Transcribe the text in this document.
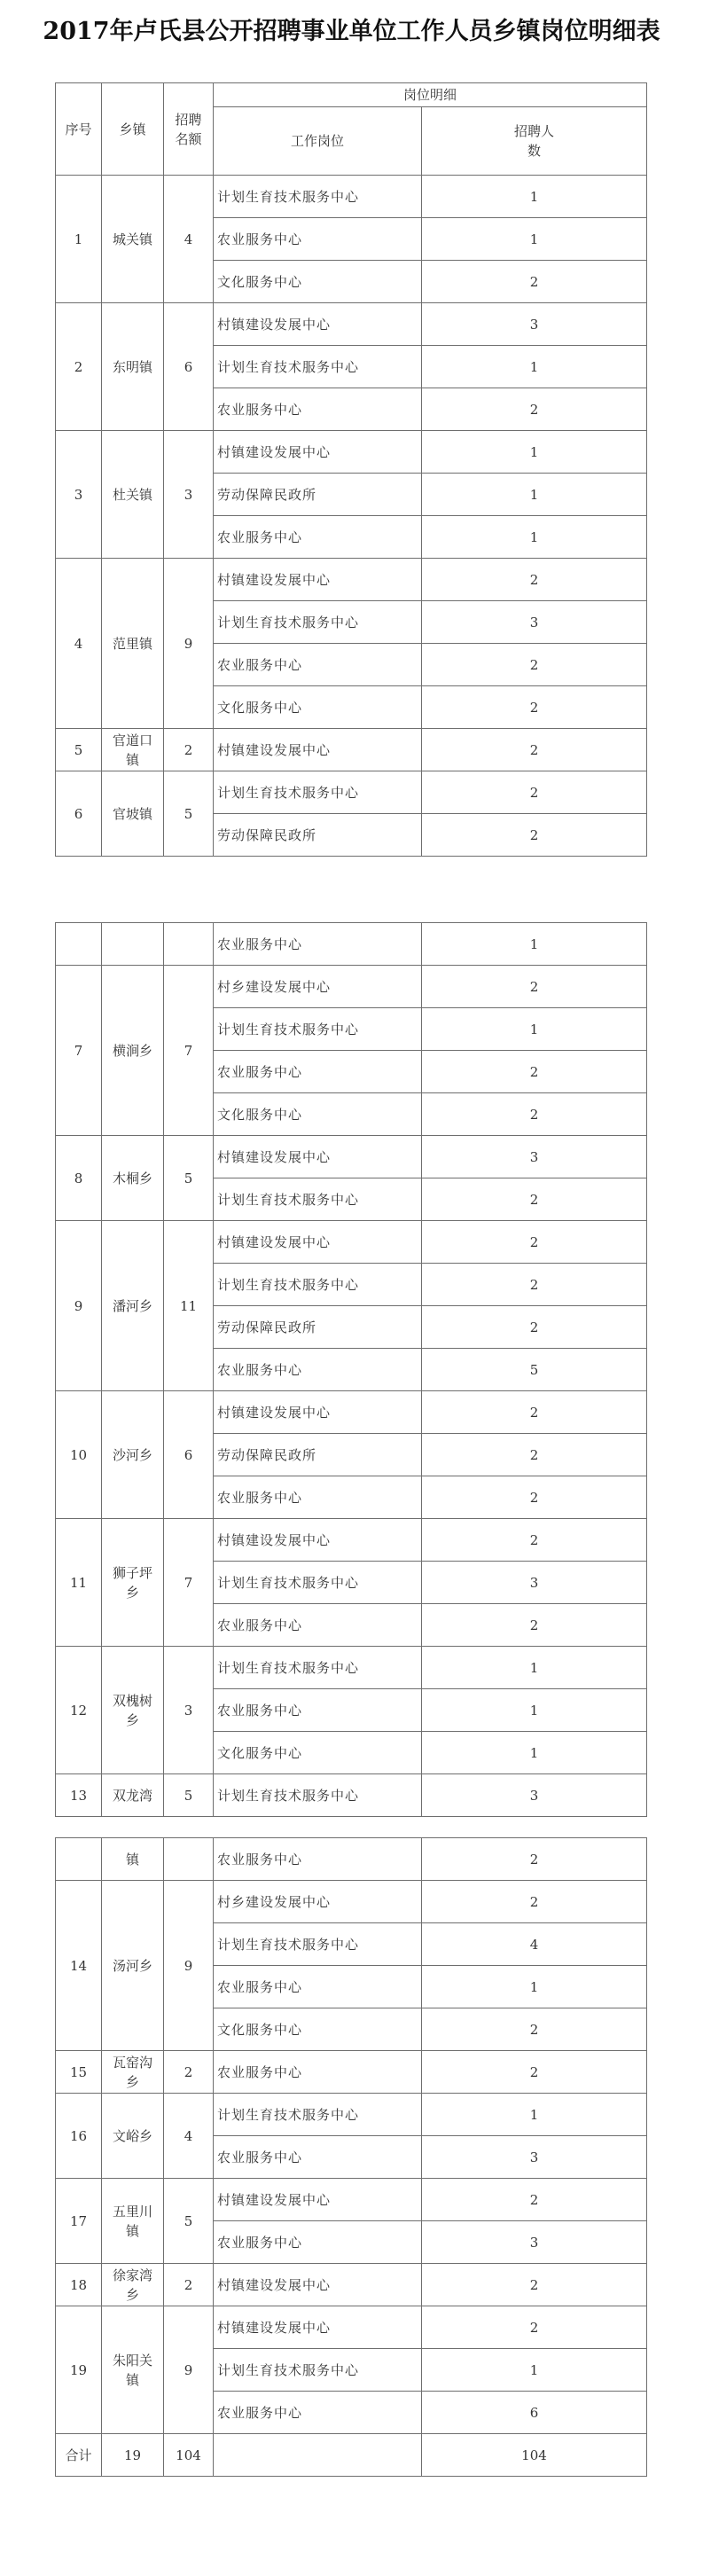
2017年卢氏县公开招聘事业单位工作人员乡镇岗位明细表
序号	乡镇	招聘名额	岗位明细	
			工作岗位	招聘人数
1	城关镇	4	计划生育技术服务中心	1
			农业服务中心	1
			文化服务中心	2
2	东明镇	6	村镇建设发展中心	3
			计划生育技术服务中心	1
			农业服务中心	2
3	杜关镇	3	村镇建设发展中心	1
			劳动保障民政所	1
			农业服务中心	1
4	范里镇	9	村镇建设发展中心	2
			计划生育技术服务中心	3
			农业服务中心	2
			文化服务中心	2
5	官道口镇	2	村镇建设发展中心	2
6	官坡镇	5	计划生育技术服务中心	2
			劳动保障民政所	2
			农业服务中心	1
7	横涧乡	7	村乡建设发展中心	2
			计划生育技术服务中心	1
			农业服务中心	2
			文化服务中心	2
8	木桐乡	5	村镇建设发展中心	3
			计划生育技术服务中心	2
9	潘河乡	11	村镇建设发展中心	2
			计划生育技术服务中心	2
			劳动保障民政所	2
			农业服务中心	5
10	沙河乡	6	村镇建设发展中心	2
			劳动保障民政所	2
			农业服务中心	2
11	狮子坪乡	7	村镇建设发展中心	2
			计划生育技术服务中心	3
			农业服务中心	2
12	双槐树乡	3	计划生育技术服务中心	1
			农业服务中心	1
			文化服务中心	1
13	双龙湾	5	计划生育技术服务中心	3
	镇		农业服务中心	2
14	汤河乡	9	村乡建设发展中心	2
			计划生育技术服务中心	4
			农业服务中心	1
			文化服务中心	2
15	瓦窑沟乡	2	农业服务中心	2
16	文峪乡	4	计划生育技术服务中心	1
			农业服务中心	3
17	五里川镇	5	村镇建设发展中心	2
			农业服务中心	3
18	徐家湾乡	2	村镇建设发展中心	2
19	朱阳关镇	9	村镇建设发展中心	2
			计划生育技术服务中心	1
			农业服务中心	6
合计	19	104		104
